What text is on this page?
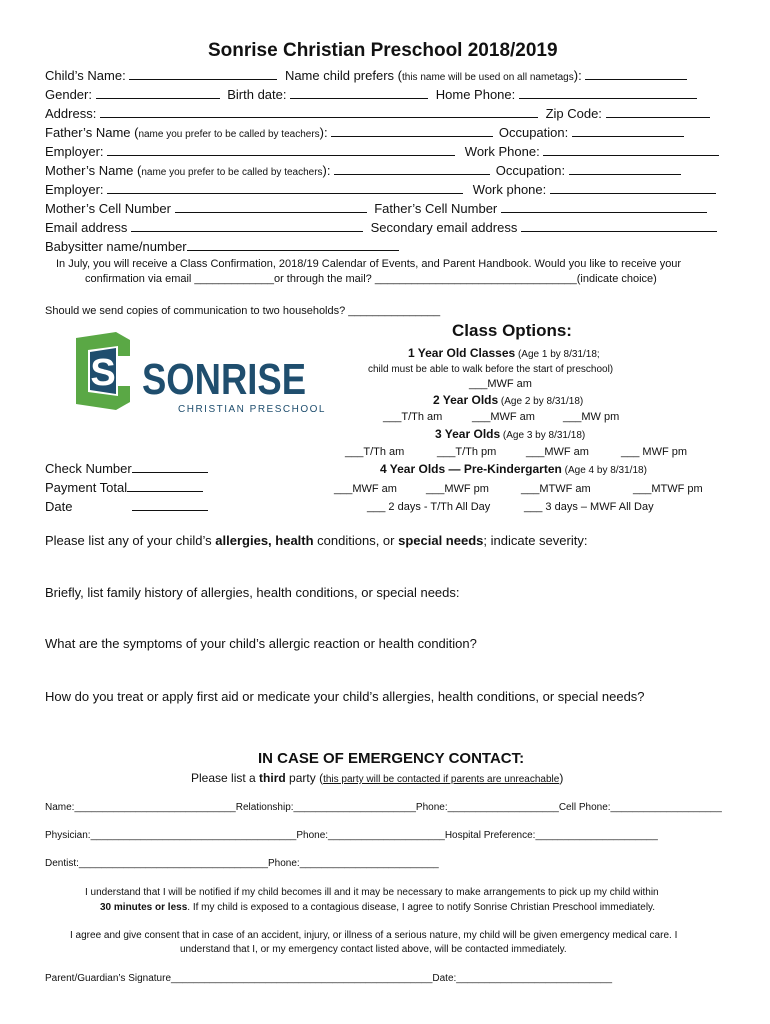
Sonrise Christian Preschool 2018/2019
Child’s Name:	Name child prefers (this name will be used on all nametags):
Gender:	Birth date:	Home Phone:
Address:	Zip Code:
Father’s Name (name you prefer to be called by teachers):	Occupation:
Employer:	Work Phone:
Mother’s Name (name you prefer to be called by teachers):	Occupation:
Employer:	Work phone:
Mother’s Cell Number	Father’s Cell Number
Email address	Secondary email address
Babysitter name/number
In July, you will receive a Class Confirmation, 2018/19 Calendar of Events, and Parent Handbook. Would you like to receive your
confirmation via email _____________or through the mail? _________________________________(indicate choice)
Should we send copies of communication to two households? _______________
S SONRISE
CHRISTIAN PRESCHOOL
Class Options:
1 Year Old Classes (Age 1 by 8/31/18;
child must be able to walk before the start of preschool)
___MWF am
2 Year Olds (Age 2 by 8/31/18)
___T/Th am	___MWF am	___MW pm
3 Year Olds (Age 3 by 8/31/18)
___T/Th am	___T/Th pm	___MWF am	___ MWF pm
4 Year Olds — Pre-Kindergarten (Age 4 by 8/31/18)
___MWF am	___MWF pm	___MTWF am	___MTWF pm
___ 2 days - T/Th All Day	___ 3 days – MWF All Day
Check Number
Payment Total
Date
Please list any of your child’s allergies, health conditions, or special needs; indicate severity:
Briefly, list family history of allergies, health conditions, or special needs:
What are the symptoms of your child’s allergic reaction or health condition?
How do you treat or apply first aid or medicate your child’s allergies, health conditions, or special needs?
IN CASE OF EMERGENCY CONTACT:
Please list a third party (this party will be contacted if parents are unreachable)
Name:_____________________________Relationship:______________________Phone:____________________Cell Phone:____________________
Physician:_____________________________________Phone:_____________________Hospital Preference:______________________
Dentist:__________________________________Phone:_________________________
I understand that I will be notified if my child becomes ill and it may be necessary to make arrangements to pick up my child within
30 minutes or less. If my child is exposed to a contagious disease, I agree to notify Sonrise Christian Preschool immediately.
I agree and give consent that in case of an accident, injury, or illness of a serious nature, my child will be given emergency medical care. I
understand that I, or my emergency contact listed above, will be contacted immediately.
Parent/Guardian’s Signature_______________________________________________Date:____________________________
